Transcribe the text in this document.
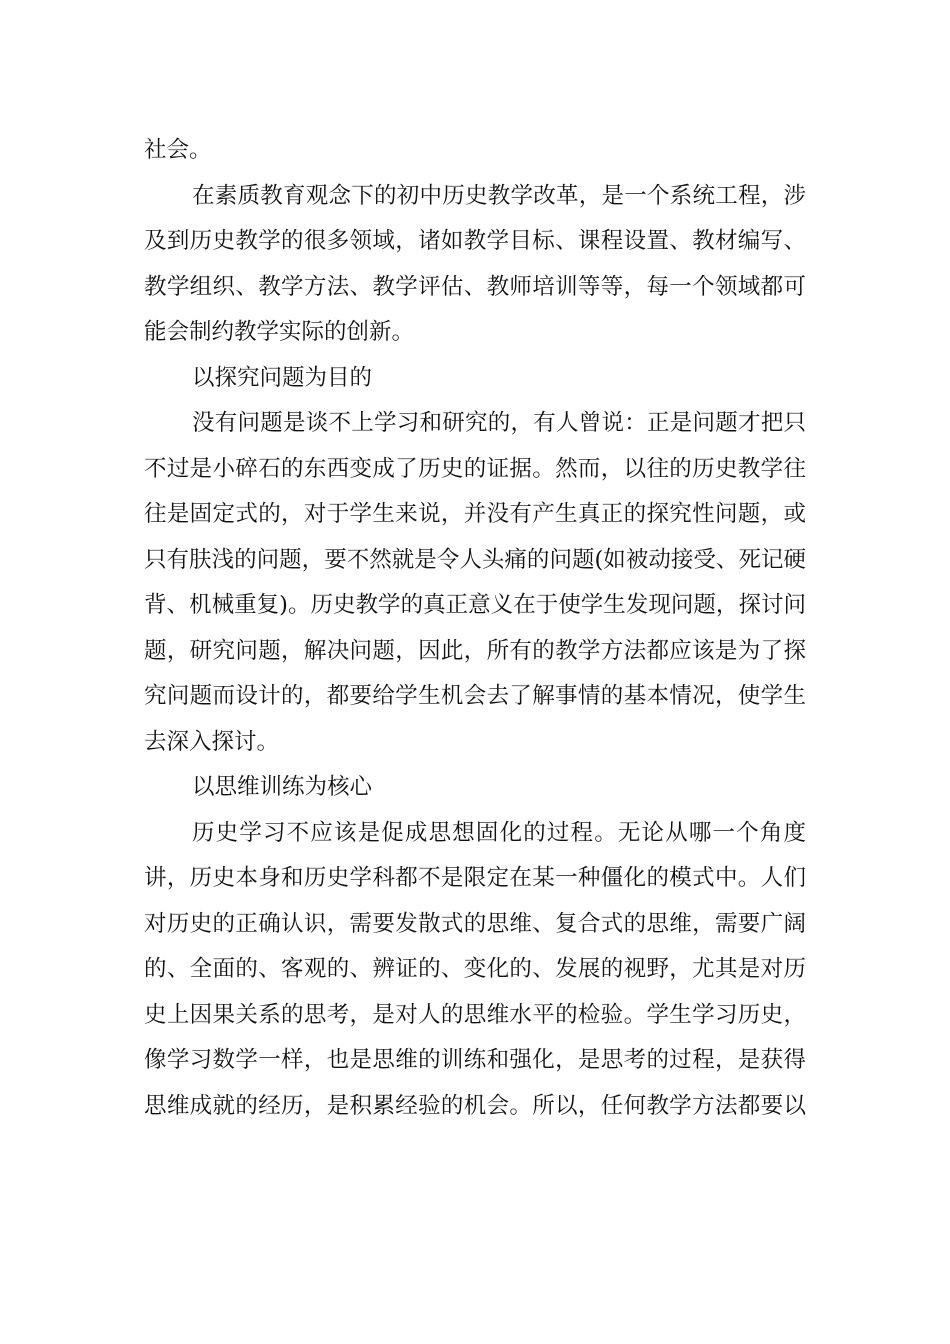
社会。
在素质教育观念下的初中历史教学改革，是一个系统工程，涉
及到历史教学的很多领域，诸如教学目标、课程设置、教材编写、
教学组织、教学方法、教学评估、教师培训等等，每一个领域都可
能会制约教学实际的创新。
以探究问题为目的
没有问题是谈不上学习和研究的，有人曾说：正是问题才把只
不过是小碎石的东西变成了历史的证据。然而，以往的历史教学往
往是固定式的，对于学生来说，并没有产生真正的探究性问题，或
只有肤浅的问题，要不然就是令人头痛的问题(如被动接受、死记硬
背、机械重复)。历史教学的真正意义在于使学生发现问题，探讨问
题，研究问题，解决问题，因此，所有的教学方法都应该是为了探
究问题而设计的，都要给学生机会去了解事情的基本情况，使学生
去深入探讨。
以思维训练为核心
历史学习不应该是促成思想固化的过程。无论从哪一个角度
讲，历史本身和历史学科都不是限定在某一种僵化的模式中。人们
对历史的正确认识，需要发散式的思维、复合式的思维，需要广阔
的、全面的、客观的、辨证的、变化的、发展的视野，尤其是对历
史上因果关系的思考，是对人的思维水平的检验。学生学习历史，
像学习数学一样，也是思维的训练和强化，是思考的过程，是获得
思维成就的经历，是积累经验的机会。所以，任何教学方法都要以
